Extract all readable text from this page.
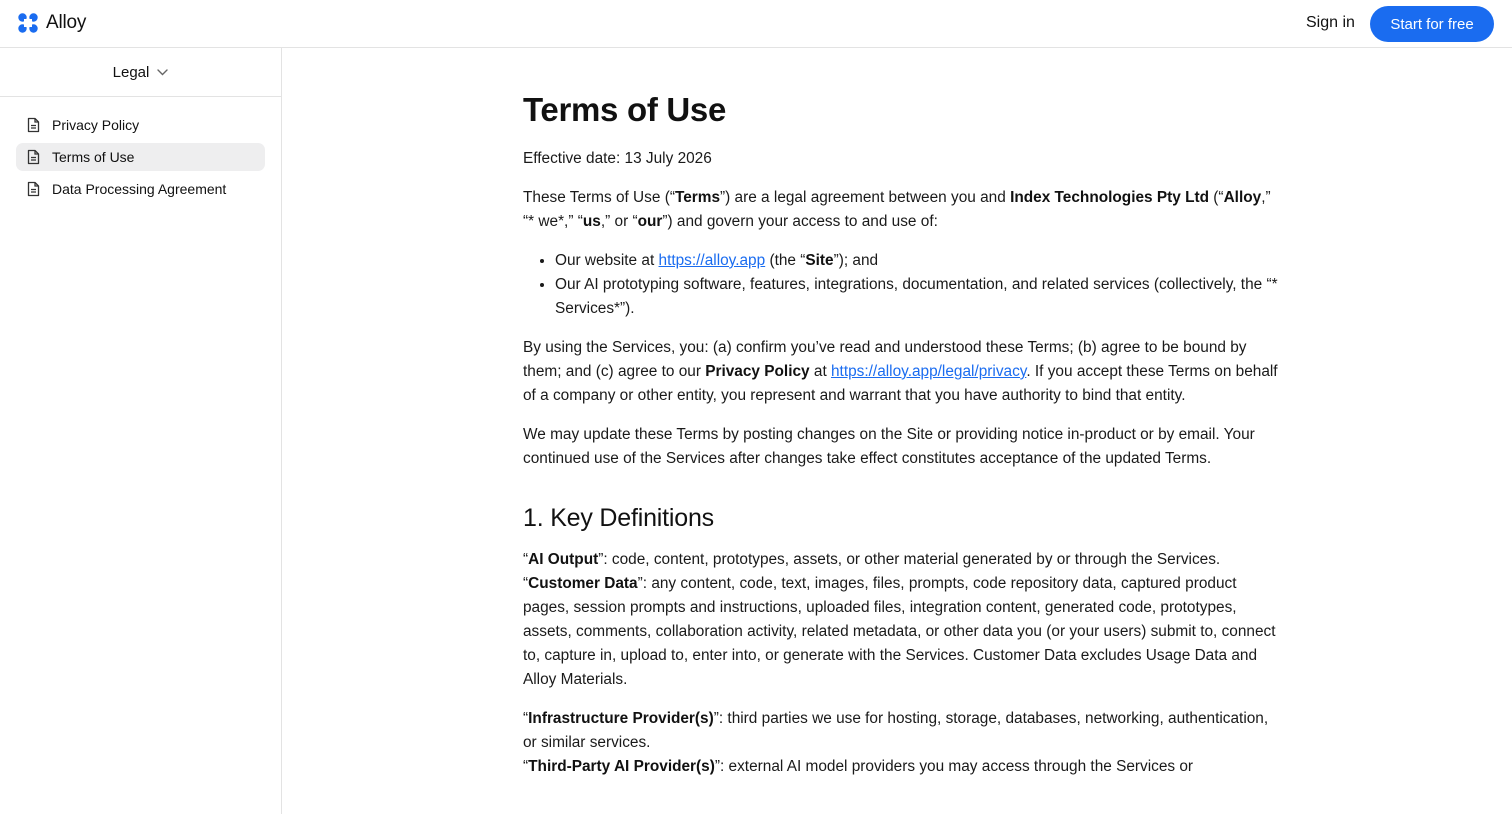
Alloy	Sign in	Start for free
Legal
Privacy Policy
Terms of Use
Data Processing Agreement
Terms of Use

Effective date: 13 July 2026

These Terms of Use (“Terms”) are a legal agreement between you and Index Technologies Pty Ltd (“Alloy,” “* we*,” “us,” or “our”) and govern your access to and use of:

• Our website at https://alloy.app (the “Site”); and
• Our AI prototyping software, features, integrations, documentation, and related services (collectively, the “* Services*”).

By using the Services, you: (a) confirm you’ve read and understood these Terms; (b) agree to be bound by them; and (c) agree to our Privacy Policy at https://alloy.app/legal/privacy. If you accept these Terms on behalf of a company or other entity, you represent and warrant that you have authority to bind that entity.

We may update these Terms by posting changes on the Site or providing notice in-product or by email. Your continued use of the Services after changes take effect constitutes acceptance of the updated Terms.

1. Key Definitions

“AI Output”: code, content, prototypes, assets, or other material generated by or through the Services.
“Customer Data”: any content, code, text, images, files, prompts, code repository data, captured product pages, session prompts and instructions, uploaded files, integration content, generated code, prototypes, assets, comments, collaboration activity, related metadata, or other data you (or your users) submit to, connect to, capture in, upload to, enter into, or generate with the Services. Customer Data excludes Usage Data and Alloy Materials.

“Infrastructure Provider(s)”: third parties we use for hosting, storage, databases, networking, authentication, or similar services.
“Third-Party AI Provider(s)”: external AI model providers you may access through the Services or
